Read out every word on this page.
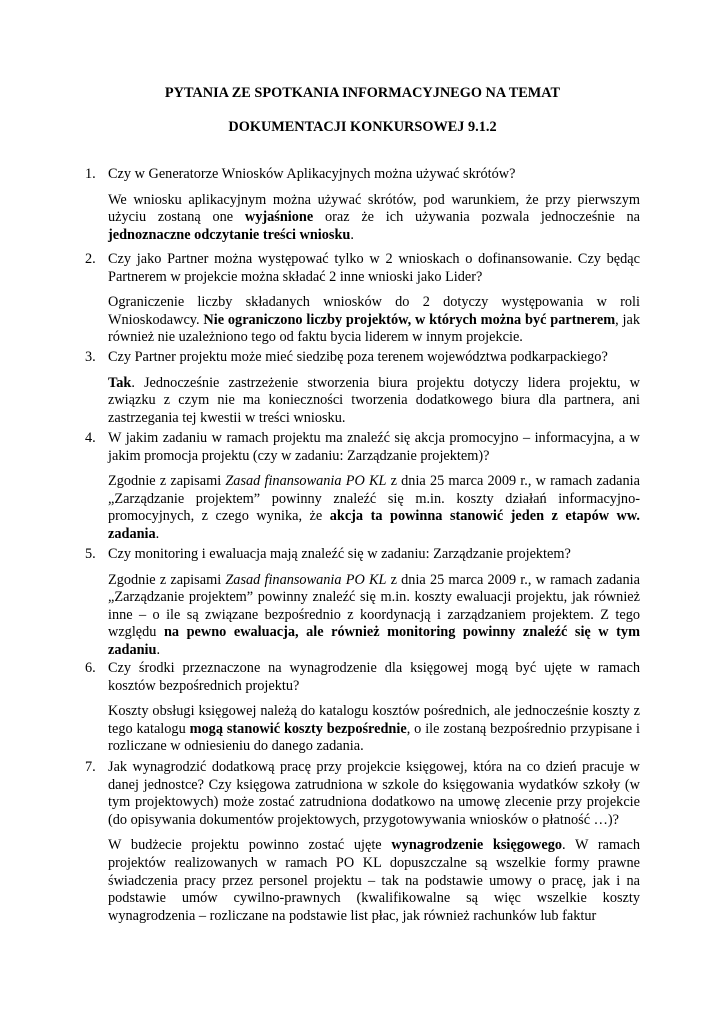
PYTANIA ZE SPOTKANIA INFORMACYJNEGO NA TEMAT
DOKUMENTACJI KONKURSOWEJ 9.1.2
1. Czy w Generatorze Wniosków Aplikacyjnych można używać skrótów?
We wniosku aplikacyjnym można używać skrótów, pod warunkiem, że przy pierwszym użyciu zostaną one wyjaśnione oraz że ich używania pozwala jednocześnie na jednoznaczne odczytanie treści wniosku.
2. Czy jako Partner można występować tylko w 2 wnioskach o dofinansowanie. Czy będąc Partnerem w projekcie można składać 2 inne wnioski jako Lider?
Ograniczenie liczby składanych wniosków do 2 dotyczy występowania w roli Wnioskodawcy. Nie ograniczono liczby projektów, w których można być partnerem, jak również nie uzależniono tego od faktu bycia liderem w innym projekcie.
3. Czy Partner projektu może mieć siedzibę poza terenem województwa podkarpackiego?
Tak. Jednocześnie zastrzeżenie stworzenia biura projektu dotyczy lidera projektu, w związku z czym nie ma konieczności tworzenia dodatkowego biura dla partnera, ani zastrzegania tej kwestii w treści wniosku.
4. W jakim zadaniu w ramach projektu ma znaleźć się akcja promocyjno – informacyjna, a w jakim promocja projektu (czy w zadaniu: Zarządzanie projektem)?
Zgodnie z zapisami Zasad finansowania PO KL z dnia 25 marca 2009 r., w ramach zadania „Zarządzanie projektem” powinny znaleźć się m.in. koszty działań informacyjno-promocyjnych, z czego wynika, że akcja ta powinna stanowić jeden z etapów ww. zadania.
5. Czy monitoring i ewaluacja mają znaleźć się w zadaniu: Zarządzanie projektem?
Zgodnie z zapisami Zasad finansowania PO KL z dnia 25 marca 2009 r., w ramach zadania „Zarządzanie projektem” powinny znaleźć się m.in. koszty ewaluacji projektu, jak również inne – o ile są związane bezpośrednio z koordynacją i zarządzaniem projektem. Z tego względu na pewno ewaluacja, ale również monitoring powinny znaleźć się w tym zadaniu.
6. Czy środki przeznaczone na wynagrodzenie dla księgowej mogą być ujęte w ramach kosztów bezpośrednich projektu?
Koszty obsługi księgowej należą do katalogu kosztów pośrednich, ale jednocześnie koszty z tego katalogu mogą stanowić koszty bezpośrednie, o ile zostaną bezpośrednio przypisane i rozliczane w odniesieniu do danego zadania.
7. Jak wynagrodzić dodatkową pracę przy projekcie księgowej, która na co dzień pracuje w danej jednostce? Czy księgowa zatrudniona w szkole do księgowania wydatków szkoły (w tym projektowych) może zostać zatrudniona dodatkowo na umowę zlecenie przy projekcie (do opisywania dokumentów projektowych, przygotowywania wniosków o płatność …)?
W budżecie projektu powinno zostać ujęte wynagrodzenie księgowego. W ramach projektów realizowanych w ramach PO KL dopuszczalne są wszelkie formy prawne świadczenia pracy przez personel projektu – tak na podstawie umowy o pracę, jak i na podstawie umów cywilno-prawnych (kwalifikowalne są więc wszelkie koszty wynagrodzenia – rozliczane na podstawie list płac, jak również rachunków lub faktur
